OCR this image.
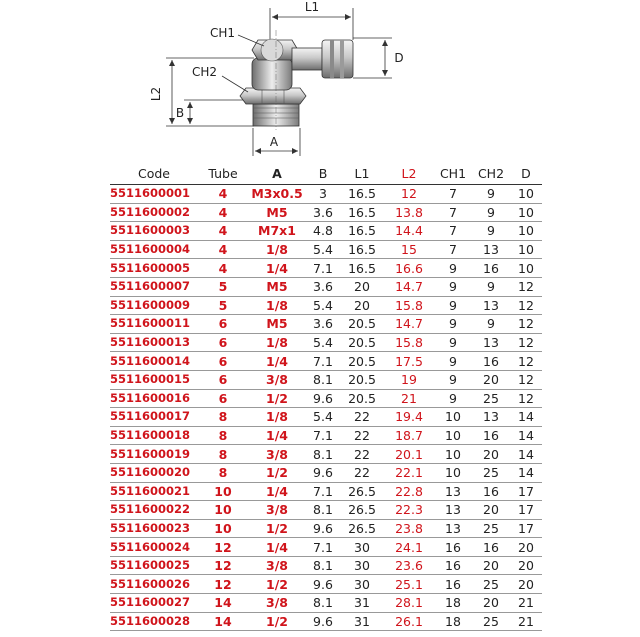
L1
D
L2
B
A
CH1
CH2
Code	Tube	A	B	L1	L2	CH1	CH2	D
5511600001	4	M3x0.5	3	16.5	12	7	9	10
5511600002	4	M5	3.6	16.5	13.8	7	9	10
5511600003	4	M7x1	4.8	16.5	14.4	7	9	10
5511600004	4	1/8	5.4	16.5	15	7	13	10
5511600005	4	1/4	7.1	16.5	16.6	9	16	10
5511600007	5	M5	3.6	20	14.7	9	9	12
5511600009	5	1/8	5.4	20	15.8	9	13	12
5511600011	6	M5	3.6	20.5	14.7	9	9	12
5511600013	6	1/8	5.4	20.5	15.8	9	13	12
5511600014	6	1/4	7.1	20.5	17.5	9	16	12
5511600015	6	3/8	8.1	20.5	19	9	20	12
5511600016	6	1/2	9.6	20.5	21	9	25	12
5511600017	8	1/8	5.4	22	19.4	10	13	14
5511600018	8	1/4	7.1	22	18.7	10	16	14
5511600019	8	3/8	8.1	22	20.1	10	20	14
5511600020	8	1/2	9.6	22	22.1	10	25	14
5511600021	10	1/4	7.1	26.5	22.8	13	16	17
5511600022	10	3/8	8.1	26.5	22.3	13	20	17
5511600023	10	1/2	9.6	26.5	23.8	13	25	17
5511600024	12	1/4	7.1	30	24.1	16	16	20
5511600025	12	3/8	8.1	30	23.6	16	20	20
5511600026	12	1/2	9.6	30	25.1	16	25	20
5511600027	14	3/8	8.1	31	28.1	18	20	21
5511600028	14	1/2	9.6	31	26.1	18	25	21
